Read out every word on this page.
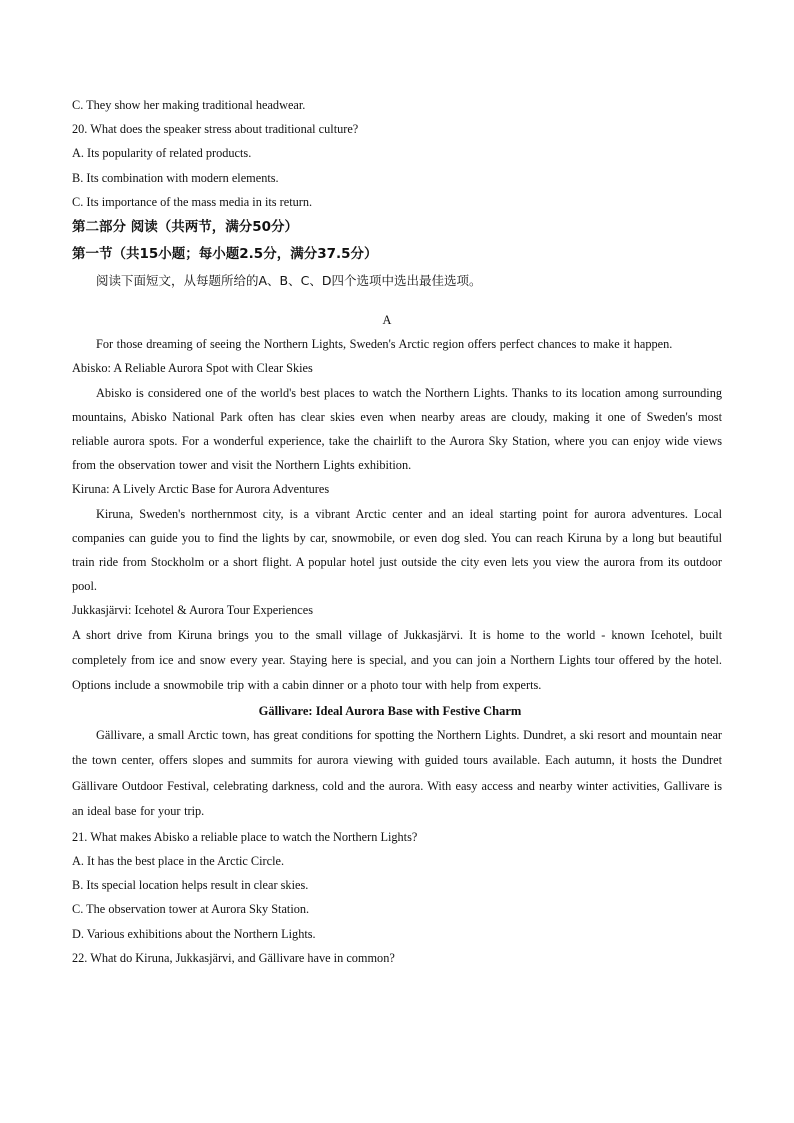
C. They show her making traditional headwear.

20. What does the speaker stress about traditional culture?

A. Its popularity of related products.

B. Its combination with modern elements.

C. Its importance of the mass media in its return.

第二部分 阅读（共两节，满分50分）

第一节（共15小题；每小题2.5分，满分37.5分）

阅读下面短文，从每题所给的A、B、C、D四个选项中选出最佳选项。

A

For those dreaming of seeing the Northern Lights, Sweden's Arctic region offers perfect chances to make it happen.

Abisko: A Reliable Aurora Spot with Clear Skies

Abisko is considered one of the world's best places to watch the Northern Lights. Thanks to its location among surrounding mountains, Abisko National Park often has clear skies even when nearby areas are cloudy, making it one of Sweden's most reliable aurora spots. For a wonderful experience, take the chairlift to the Aurora Sky Station, where you can enjoy wide views from the observation tower and visit the Northern Lights exhibition.

Kiruna: A Lively Arctic Base for Aurora Adventures

Kiruna, Sweden's northernmost city, is a vibrant Arctic center and an ideal starting point for aurora adventures. Local companies can guide you to find the lights by car, snowmobile, or even dog sled. You can reach Kiruna by a long but beautiful train ride from Stockholm or a short flight. A popular hotel just outside the city even lets you view the aurora from its outdoor pool.

Jukkasjärvi: Icehotel & Aurora Tour Experiences

A short drive from Kiruna brings you to the small village of Jukkasjärvi. It is home to the world - known Icehotel, built completely from ice and snow every year. Staying here is special, and you can join a Northern Lights tour offered by the hotel. Options include a snowmobile trip with a cabin dinner or a photo tour with help from experts.

Gällivare: Ideal Aurora Base with Festive Charm

Gällivare, a small Arctic town, has great conditions for spotting the Northern Lights. Dundret, a ski resort and mountain near the town center, offers slopes and summits for aurora viewing with guided tours available. Each autumn, it hosts the Dundret Gällivare Outdoor Festival, celebrating darkness, cold and the aurora. With easy access and nearby winter activities, Gallivare is an ideal base for your trip.

21. What makes Abisko a reliable place to watch the Northern Lights?

A. It has the best place in the Arctic Circle.

B. Its special location helps result in clear skies.

C. The observation tower at Aurora Sky Station.

D. Various exhibitions about the Northern Lights.

22. What do Kiruna, Jukkasjärvi, and Gällivare have in common?
